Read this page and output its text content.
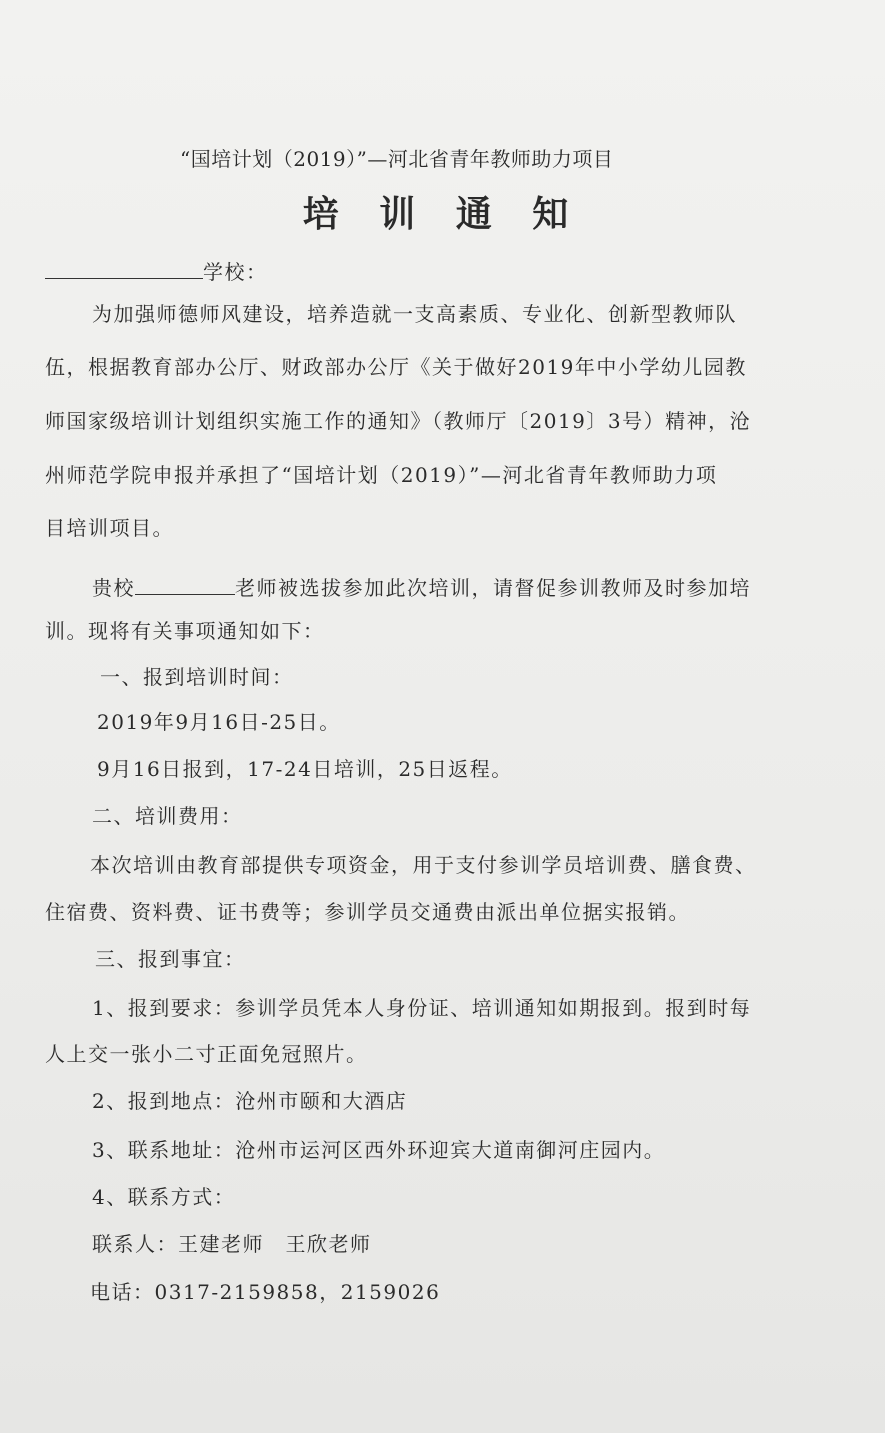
“国培计划（2019）”—河北省青年教师助力项目
培 训 通 知
学校：
为加强师德师风建设，培养造就一支高素质、专业化、创新型教师队
伍，根据教育部办公厅、财政部办公厅《关于做好2019年中小学幼儿园教
师国家级培训计划组织实施工作的通知》（教师厅〔2019〕3号）精神，沧
州师范学院申报并承担了“国培计划（2019）”—河北省青年教师助力项
目培训项目。
贵校	老师被选拔参加此次培训，请督促参训教师及时参加培
训。现将有关事项通知如下：
一、报到培训时间：
2019年9月16日-25日。
9月16日报到，17-24日培训，25日返程。
二、培训费用：
本次培训由教育部提供专项资金，用于支付参训学员培训费、膳食费、
住宿费、资料费、证书费等；参训学员交通费由派出单位据实报销。
三、报到事宜：
1、报到要求：参训学员凭本人身份证、培训通知如期报到。报到时每
人上交一张小二寸正面免冠照片。
2、报到地点：沧州市颐和大酒店
3、联系地址：沧州市运河区西外环迎宾大道南御河庄园内。
4、联系方式：
联系人：王建老师　王欣老师
电话：0317-2159858，2159026
